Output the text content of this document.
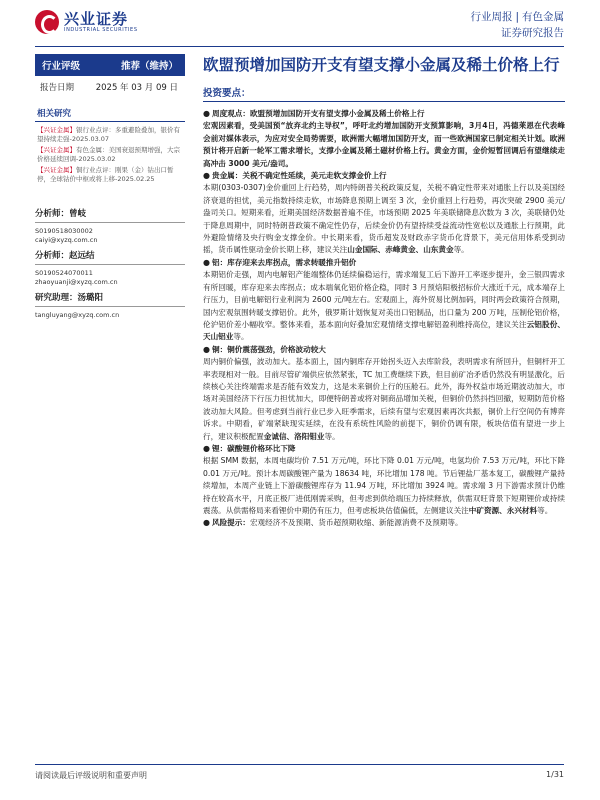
兴业证券
INDUSTRIAL SECURITIES
行业周报 | 有色金属
证券研究报告
行业评级	推荐（维持）
报告日期	2025 年 03 月 09 日
相关研究
【兴证金属】银行业点评：多重避险叠加，银价有望持续走强-2025.03.07
【兴证金属】有色金属：美国衰退预期增强，大宗价格延续回调-2025.03.02
【兴证金属】铜行业点评：刚果（金）钴出口暂停，全球钴价中枢或将上移-2025.02.25
分析师：曾岐
S0190518030002
caiyi@xyzq.com.cn
分析师：赵远结
S0190524070011
zhaoyuanji@xyzq.com.cn
研究助理：汤璐阳
tangluyang@xyzq.com.cn
欧盟预增加国防开支有望支撑小金属及稀土价格上行
投资要点：
● 周度观点：欧盟预增加国防开支有望支撑小金属及稀土价格上行

宏观因素看，受美国预“放弃北约主导权”，呼吁北约增加国防开支预算影响，3月4日，冯德莱恩在代表峰会前对媒体表示，为应对安全局势需要，欧洲需大幅增加国防开支，而一些欧洲国家已制定相关计划。欧洲预计将开启新一轮军工需求增长，支撑小金属及稀土磁材价格上行。黄金方面，金价短暂回调后有望继续走高冲击 3000 美元/盎司。

● 贵金属：关税不确定性延续，美元走软支撑金价上行

本期(0303-0307)金价重回上行趋势，周内特朗普关税政策反复，关税不确定性带来对通胀上行以及美国经济衰退的担忧，美元指数持续走软，市场降息预期上调至 3 次，金价重回上行趋势，再次突破 2900 美元/盎司关口。短期来看，近期美国经济数据普遍不佳，市场预期 2025 年美联储降息次数为 3 次，美联储仍处于降息周期中，同时特朗普政策不确定性仍存，后续金价仍有望持续受益流动性宽松以及通胀上行预期，此外避险情绪及央行购金支撑金价。中长期来看，货币超发及财政赤字货币化背景下，美元信用体系受到动摇，货币属性驱动金价长期上移，建议关注山金国际、赤峰黄金、山东黄金等。

● 铝：库存迎来去库拐点，需求转暖推升铝价

本期铝价走强，周内电解铝产能端整体仍延续偏稳运行，需求端复工后下游开工率逐步提升，金三银四需求有所回暖，库存迎来去库拐点；成本端氧化铝价格企稳，同时 3 月预焙阳极招标价大涨近千元，成本端存上行压力，目前电解铝行业利润为 2600 元/吨左右。宏观面上，海外贸易比例加码，同时两会政策符合预期，国内宏观氛围转暖支撑铝价。此外，俄罗斯计划恢复对美出口铝制品，出口量为 200 万吨，压制伦铝价格，伦沪铝价差小幅收窄。整体来看，基本面向好叠加宏观情绪支撑电解铝盈利维持高位，建议关注云铝股份、天山铝业等。

● 铜：铜价震荡强劲，价格波动较大

周内铜价偏强，波动加大。基本面上，国内铜库存开始拐头迈入去库阶段，表明需求有所回升，但铜杆开工率表现相对一般。目前尽管矿端供应依然紧张，TC 加工费继续下跌，但目前矿冶矛盾仍然没有明显激化，后续核心关注终端需求是否能有效发力，这是未来铜价上行的压舱石。此外，海外权益市场近期波动加大，市场对美国经济下行压力担忧加大，即便特朗普或将对铜商品增加关税，但铜价仍然抖挡回撤，短期防范价格波动加大风险。但考虑到当前行业已步入旺季需求，后续有望与宏观因素再次共振，铜价上行空间仍有博弈诉求。中期看，矿端紧缺现实延续，在没有系统性风险的前提下，铜价仍调有限，板块估值有望进一步上行，建议积极配置金诚信、洛阳钼业等。

● 锂：碳酸锂价格环比下降

根据 SMM 数据，本周电碳均价 7.51 万元/吨，环比下降 0.01 万元/吨，电氢均价 7.53 万元/吨，环比下降 0.01 万元/吨。预计本周碳酸锂产量为 18634 吨，环比增加 178 吨。节后锂盐厂基本复工，碳酸锂产量持续增加，本周产业链上下游碳酸锂库存为 11.94 万吨，环比增加 3924 吨。需求端 3 月下游需求预计仍维持在较高水平，月底正极厂进低刚需采购，但考虑到供给端压力持续释放，供需双旺背景下短期锂价或持续震荡。从供需格局来看锂价中期仍有压力，但考虑板块估值偏低，左侧建议关注中矿资源、永兴材料等。

● 风险提示：宏观经济不及预期、货币超预期收缩、新能源消费不及预期等。
请阅读最后评级说明和重要声明	1/31
